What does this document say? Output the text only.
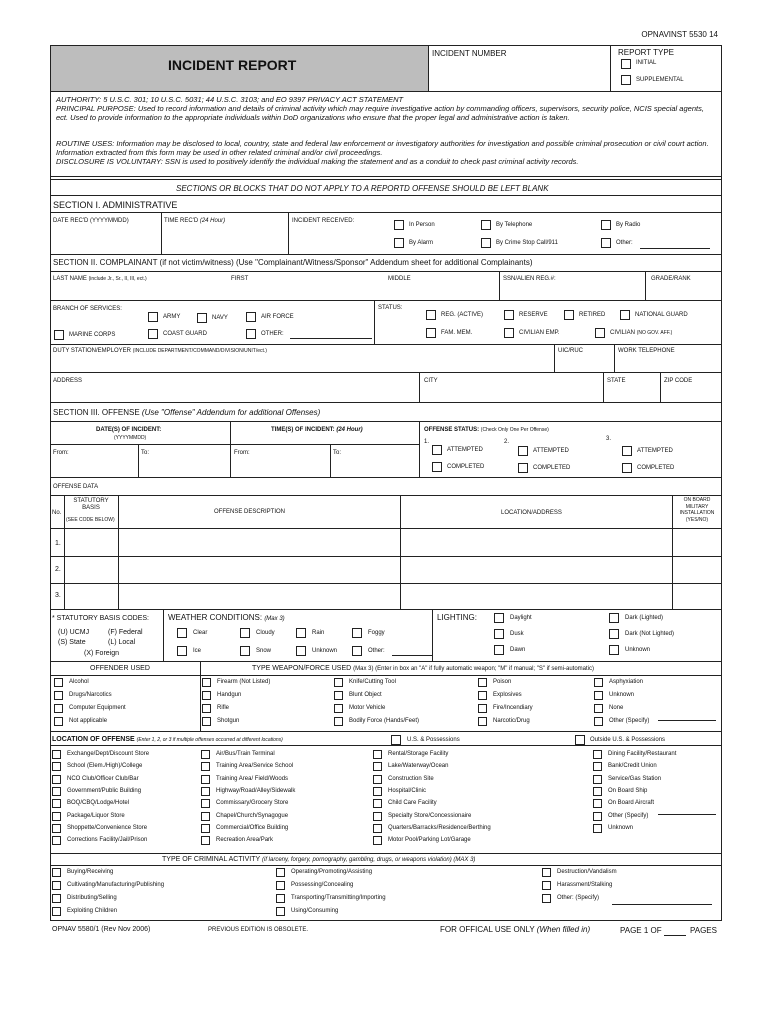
OPNAVINST 5530 14
INCIDENT REPORT
INCIDENT NUMBER	REPORT TYPE
INITIAL
SUPPLEMENTAL
AUTHORITY: 5 U.S.C. 301; 10 U.S.C. 5031; 44 U.S.C. 3103; and EO 9397 PRIVACY ACT STATEMENT
PRINCIPAL PURPOSE: Used to record information and details of criminal activity which may require investigative action by commanding officers, supervisors, security police, NCIS special agents, ect. Used to provide information to the appropriate individuals within DoD organizations who ensure that the proper legal and administrative action is taken.
ROUTINE USES: Information may be disclosed to local, country, state and federal law enforcement or investigatory authorities for investigation and possible criminal prosecution or civil court action. Information extracted from this form may be used in other related criminal and/or civil proceedings.
DISCLOSURE IS VOLUNTARY: SSN is used to positively identify the individual making the statement and as a conduit to check past criminal activity records.
SECTIONS OR BLOCKS THAT DO NOT APPLY TO A REPORTD OFFENSE SHOULD BE LEFT BLANK
SECTION I. ADMINISTRATIVE
DATE REC'D (YYYYMMDD)	TIME REC'D (24 Hour)	INCIDENT RECEIVED:
In Person	By Telephone	By Radio
By Alarm	By Crime Stop Call/911	Other:
SECTION II. COMPLAINANT (if not victim/witness) (Use "Complainant/Witness/Sponsor" Addendum sheet for additional Complainants)
LAST NAME (include Jr., Sr., II, III, ect.)	FIRST	MIDDLE	SSN/ALIEN REG.#:	GRADE/RANK
BRANCH OF SERVICES:
ARMY	NAVY	AIR FORCE
MARINE CORPS	COAST GUARD	OTHER:
STATUS:
REG. (ACTIVE)	RESERVE	RETIRED	NATIONAL GUARD
FAM. MEM.	CIVILIAN EMP.	CIVILIAN (NO GOV. AFF.)
DUTY STATION/EMPLOYER (INCLUDE DEPARTMENT/COMMAND/DIVISION/UNIT/ect.)	UIC/RUC	WORK TELEPHONE
ADDRESS	CITY	STATE	ZIP CODE
SECTION III. OFFENSE (Use "Offense" Addendum for additional Offenses)
DATE(S) OF INCIDENT:
(YYYYMMDD)
TIME(S) OF INCIDENT: (24 Hour)	OFFENSE STATUS: (Check Only One Per Offense)
From:	To:	From:	To:
1.
ATTEMPTED
COMPLETED
2.
ATTEMPTED
COMPLETED
3.
ATTEMPTED
COMPLETED
OFFENSE DATA
No.
STATUTORY BASIS
(SEE CODE BELOW)
OFFENSE DESCRIPTION	LOCATION/ADDRESS
ON BOARD MILITARY INSTALLATION (YES/NO)
1.
2.
3.
* STATUTORY BASIS CODES:
(U) UCMJ	(F) Federal
(S) State	(L) Local
(X) Foreign
WEATHER CONDITIONS: (Max 3)
Clear	Cloudy	Rain	Foggy
Ice	Snow	Unknown	Other:
LIGHTING:	Daylight
Dusk
Dawn
Dark (Lighted)
Dark (Not Lighted)
Unknown
OFFENDER USED	TYPE WEAPON/FORCE USED (Max 3) (Enter in box an "A" if fully automatic weapon; "M" if manual; "S" if semi-automatic)
Alcohol
Drugs/Narcotics
Computer Equipment
Not applicable
Firearm (Not Listed)
Handgun
Rifle
Shotgun
Knife/Cutting Tool
Blunt Object
Motor Vehicle
Bodily Force (Hands/Feet)
Poison
Explosives
Fire/Incendiary
Narcotic/Drug
Asphyxiation
Unknown
None
Other (Specify)
LOCATION OF OFFENSE (Enter 1, 2, or 3 if multiple offenses occurred at different locations)	U.S. & Possessions	Outside U.S. & Possessions
Exchange/Dept/Discount Store
School (Elem./High)/College
NCO Club/Officer Club/Bar
Government/Public Building
BOQ/CBQ/Lodge/Hotel
Package/Liquor Store
Shoppette/Convenience Store
Corrections Facility/Jail/Prison
Air/Bus/Train Terminal
Training Area/Service School
Training Area/ Field/Woods
Highway/Road/Alley/Sidewalk
Commissary/Grocery Store
Chapel/Church/Synagogue
Commercial/Office Building
Recreation Area/Park
Rental/Storage Facility
Lake/Waterway/Ocean
Construction Site
Hospital/Clinic
Child Care Facility
Specialty Store/Concessionaire
Quarters/Barracks/Residence/Berthing
Motor Pool/Parking Lot/Garage
Dining Facility/Restaurant
Bank/Credit Union
Service/Gas Station
On Board Ship
On Board Aircraft
Other (Specify)
Unknown
TYPE OF CRIMINAL ACTIVITY (if larceny, forgery, pornography, gambling, drugs, or weapons violation) (MAX 3)
Buying/Receiving
Cultivating/Manufacturing/Publishing
Distributing/Selling
Exploiting Children
Operating/Promoting/Assisting
Possessing/Concealing
Transporting/Transmitting/Importing
Using/Consuming
Destruction/Vandalism
Harassment/Stalking
Other: (Specify)
OPNAV 5580/1 (Rev Nov 2006)	PREVIOUS EDITION IS OBSOLETE.	FOR OFFICAL USE ONLY (When filled in)	PAGE 1 OF	PAGES
